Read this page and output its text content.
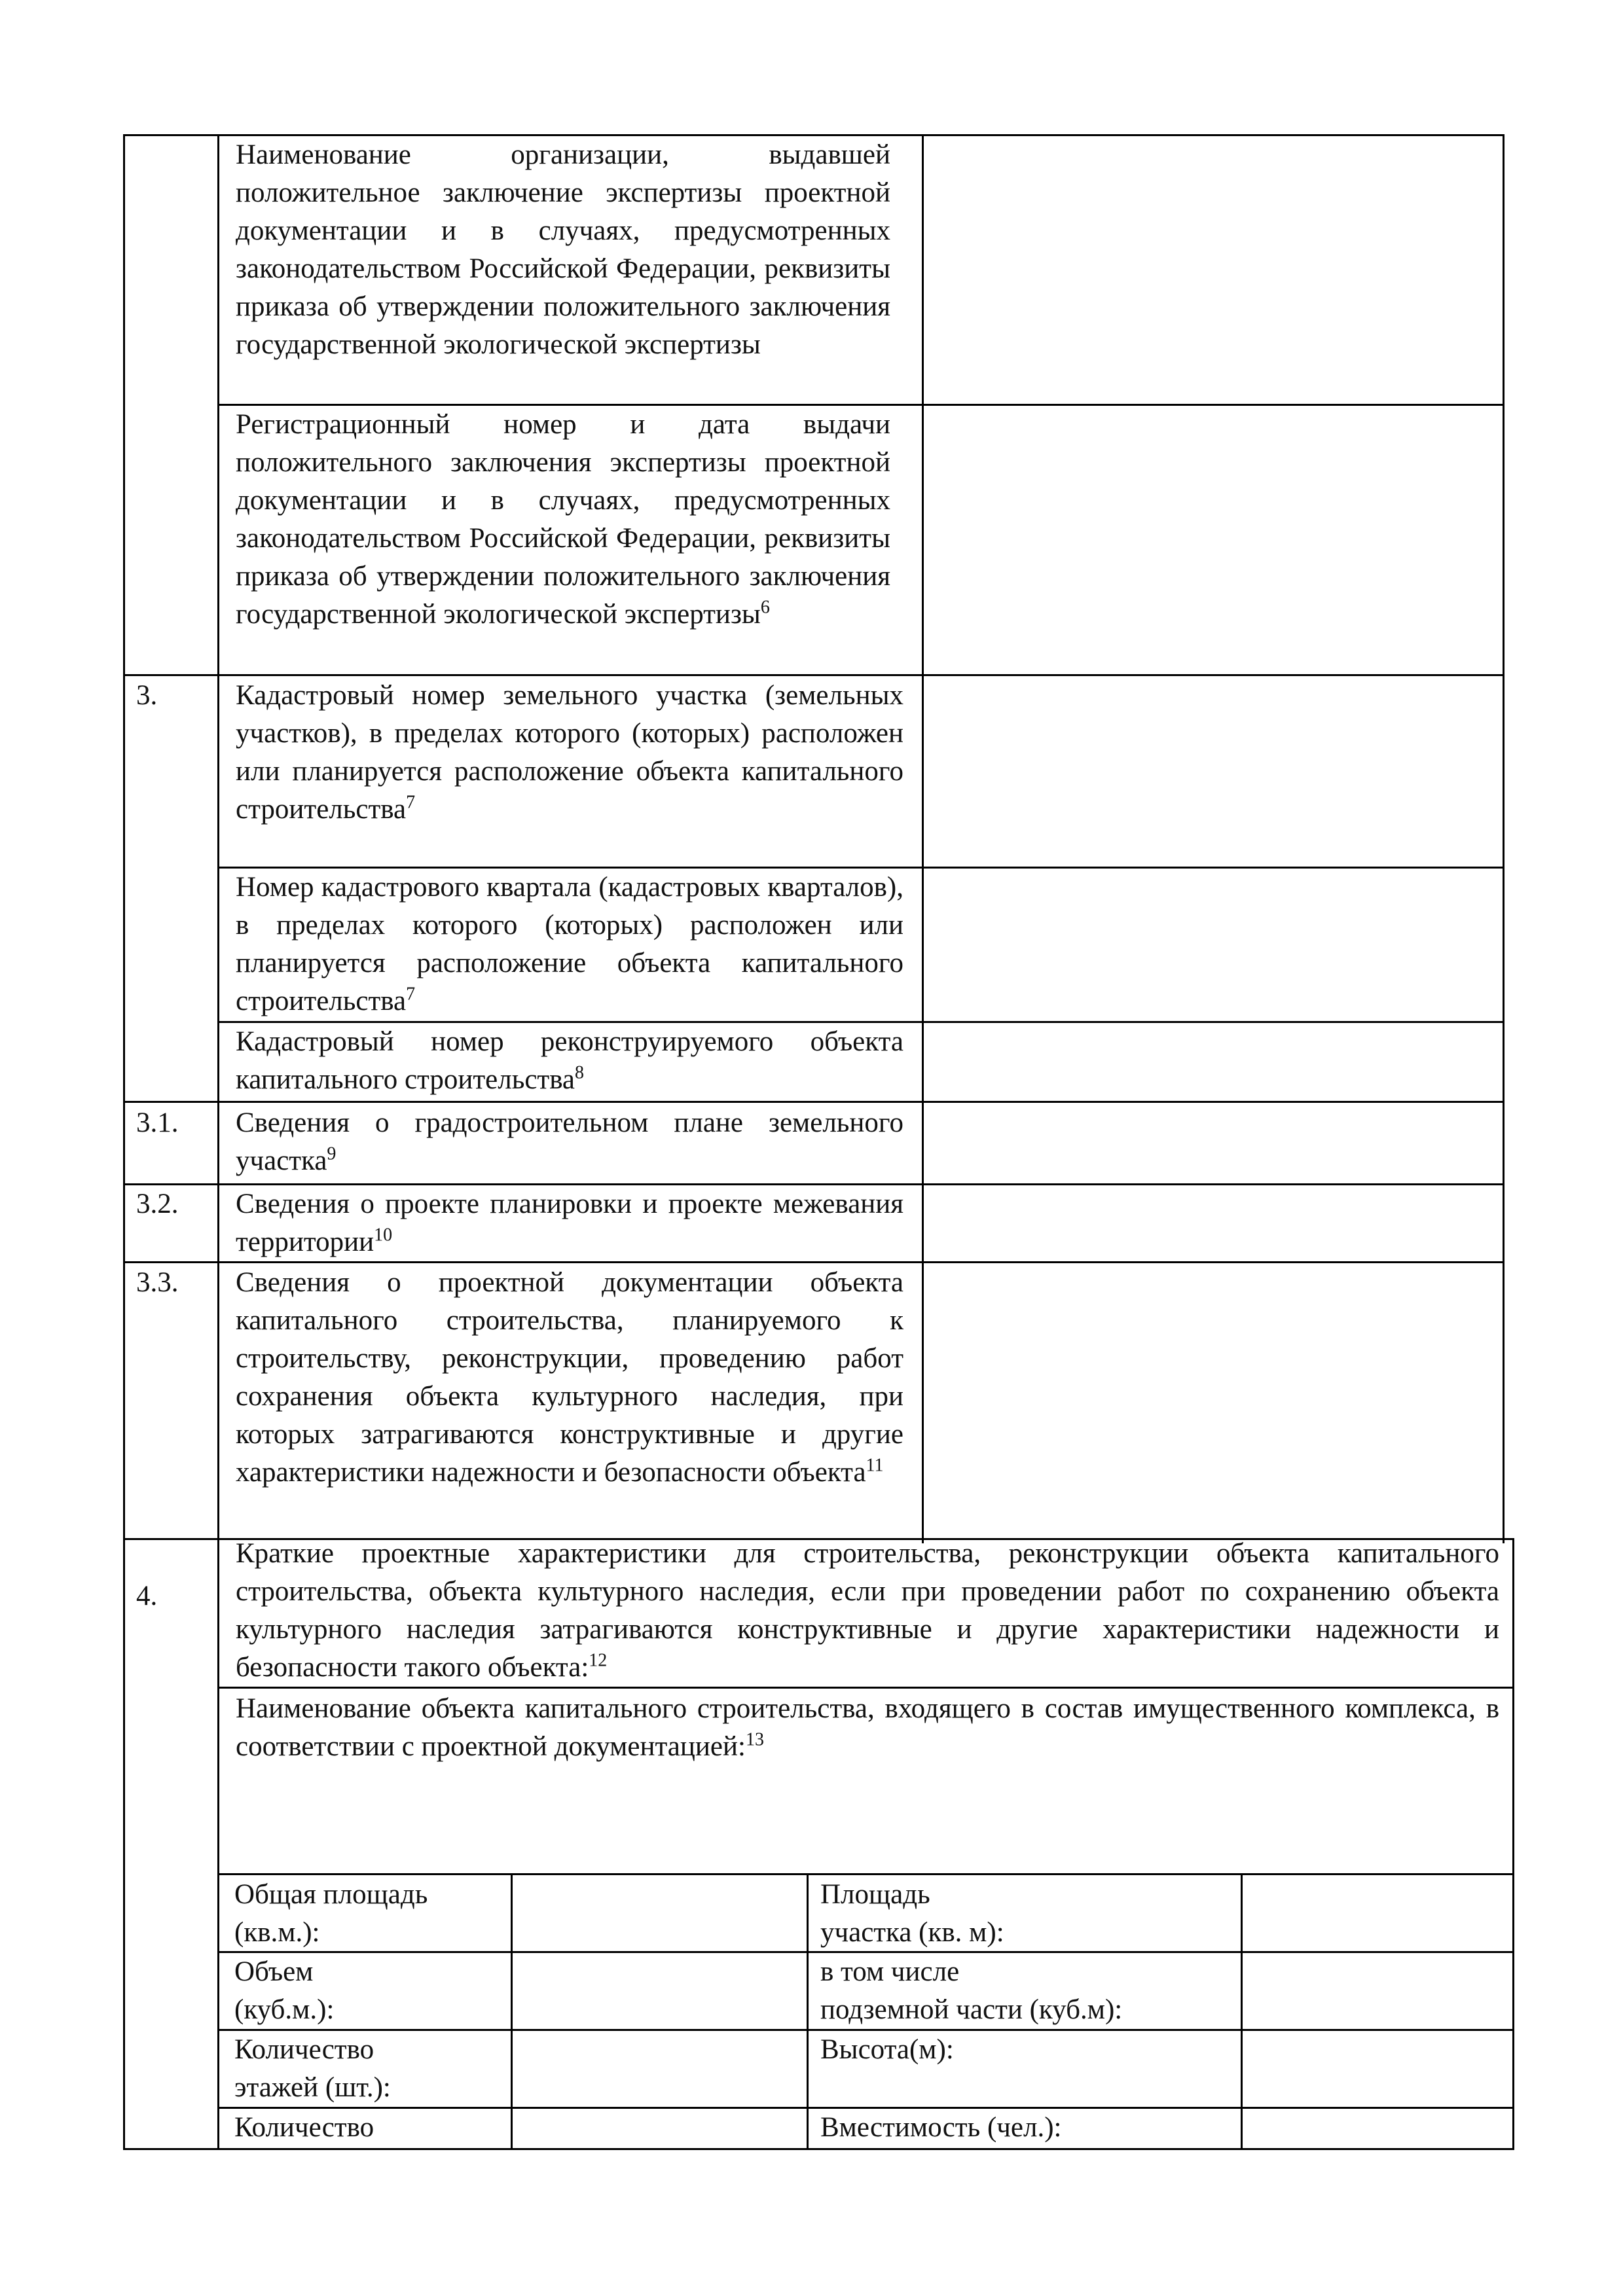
Наименование организации, выдавшей положительное заключение экспертизы проектной документации и в случаях, предусмотренных законодательством Российской Федерации, реквизиты приказа об утверждении положительного заключения государственной экологической экспертизы
Регистрационный номер и дата выдачи положительного заключения экспертизы проектной документации и в случаях, предусмотренных законодательством Российской Федерации, реквизиты приказа об утверждении положительного заключения государственной экологической экспертизы$^6$
3.	Кадастровый номер земельного участка (земельных участков), в пределах которого (которых) расположен или планируется расположение объекта капитального строительства$^7$
Номер кадастрового квартала (кадастровых кварталов), в пределах которого (которых) расположен или планируется расположение объекта капитального строительства$^7$
Кадастровый номер реконструируемого объекта капитального строительства$^8$
3.1. Сведения о градостроительном плане земельного участка$^9$
3.2. Сведения о проекте планировки и проекте межевания территории$^{10}$
3.3. Сведения о проектной документации объекта капитального строительства, планируемого к строительству, реконструкции, проведению работ сохранения объекта культурного наследия, при которых затрагиваются конструктивные и другие характеристики надежности и безопасности объекта$^{11}$
4.
Краткие проектные характеристики для строительства, реконструкции объекта капитального строительства, объекта культурного наследия, если при проведении работ по сохранению объекта культурного наследия затрагиваются конструктивные и другие характеристики надежности и безопасности такого объекта:$^{12}$
Наименование объекта капитального строительства, входящего в состав имущественного комплекса, в соответствии с проектной документацией:$^{13}$
Общая площадь
(кв.м.):
Площадь
участка (кв. м):
Объем
(куб.м.):
в том числе
подземной части (куб.м):
Количество
этажей (шт.):
Высота(м):
Количество	Вместимость (чел.):
